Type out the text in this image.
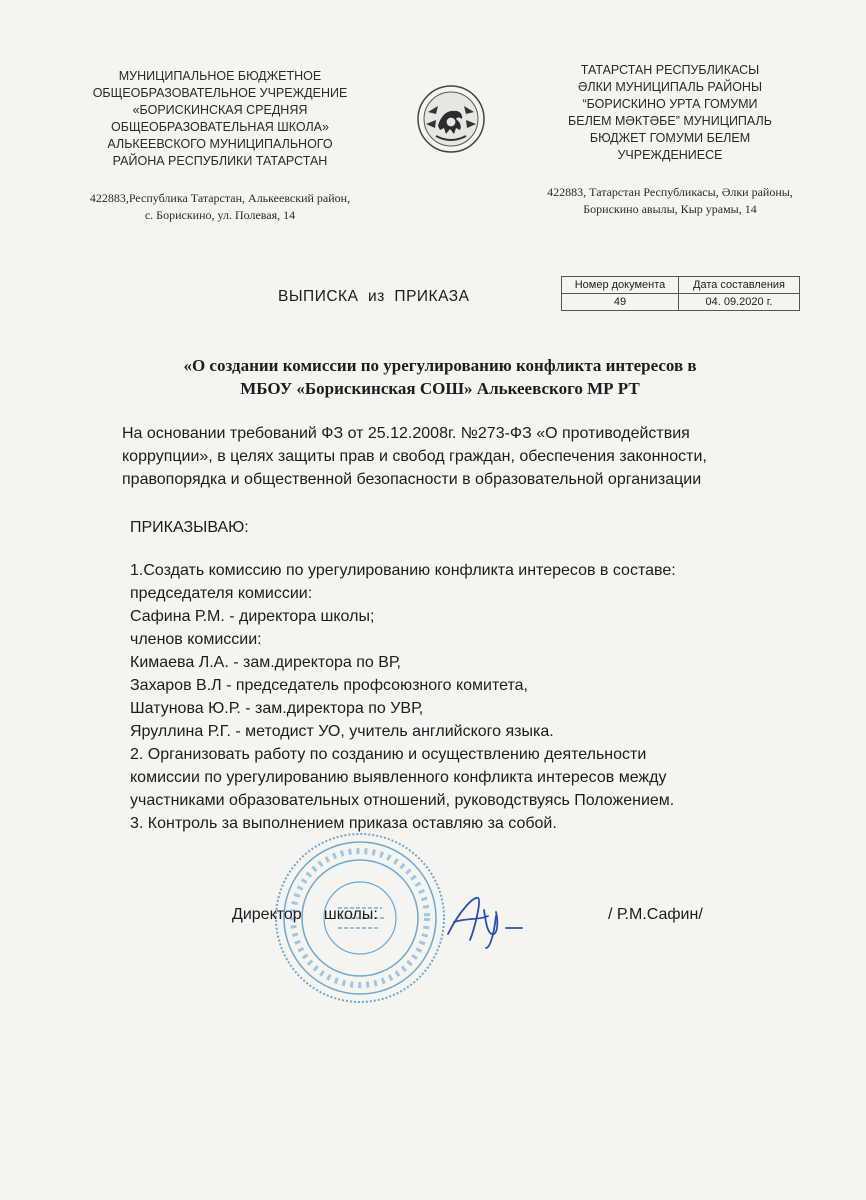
МУНИЦИПАЛЬНОЕ БЮДЖЕТНОЕ
ОБЩЕОБРАЗОВАТЕЛЬНОЕ УЧРЕЖДЕНИЕ
«БОРИСКИНСКАЯ СРЕДНЯЯ
ОБЩЕОБРАЗОВАТЕЛЬНАЯ ШКОЛА»
АЛЬКЕЕВСКОГО МУНИЦИПАЛЬНОГО
РАЙОНА РЕСПУБЛИКИ ТАТАРСТАН
422883,Республика Татарстан, Алькеевский район,
с. Борискино, ул. Полевая, 14
ТАТАРСТАН РЕСПУБЛИКАСЫ
ӘЛКИ МУНИЦИПАЛЬ РАЙОНЫ
“БОРИСКИНО УРТА ГОМУМИ
БЕЛЕМ МӘКТӘБЕ” МУНИЦИПАЛЬ
БЮДЖЕТ ГОМУМИ БЕЛЕМ
УЧРЕЖДЕНИЕСЕ
422883, Татарстан Республикасы, Әлки районы,
Борискино авылы, Кыр урамы, 14
ВЫПИСКА из ПРИКАЗА
Номер документа	Дата составления
49	04. 09.2020 г.
«О создании комиссии по урегулированию конфликта интересов в
МБОУ «Борискинская СОШ» Алькеевского МР РТ
На основании требований ФЗ от 25.12.2008г. №273-ФЗ «О противодействия
коррупции», в целях защиты прав и свобод граждан, обеспечения законности,
правопорядка и общественной безопасности в образовательной организации
ПРИКАЗЫВАЮ:
1.Создать комиссию по урегулированию конфликта интересов в составе:
председателя комиссии:
Сафина Р.М. - директора школы;
членов комиссии:
Кимаева Л.А. - зам.директора по ВР,
Захаров В.Л - председатель профсоюзного комитета,
Шатунова Ю.Р. - зам.директора по УВР,
Яруллина Р.Г. - методист УО, учитель английского языка.
2. Организовать работу по созданию и осуществлению деятельности
комиссии по урегулированию выявленного конфликта интересов между
участниками образовательных отношений, руководствуясь Положением.
3. Контроль за выполнением приказа оставляю за собой.
Директор     школы:	/ Р.М.Сафин/
